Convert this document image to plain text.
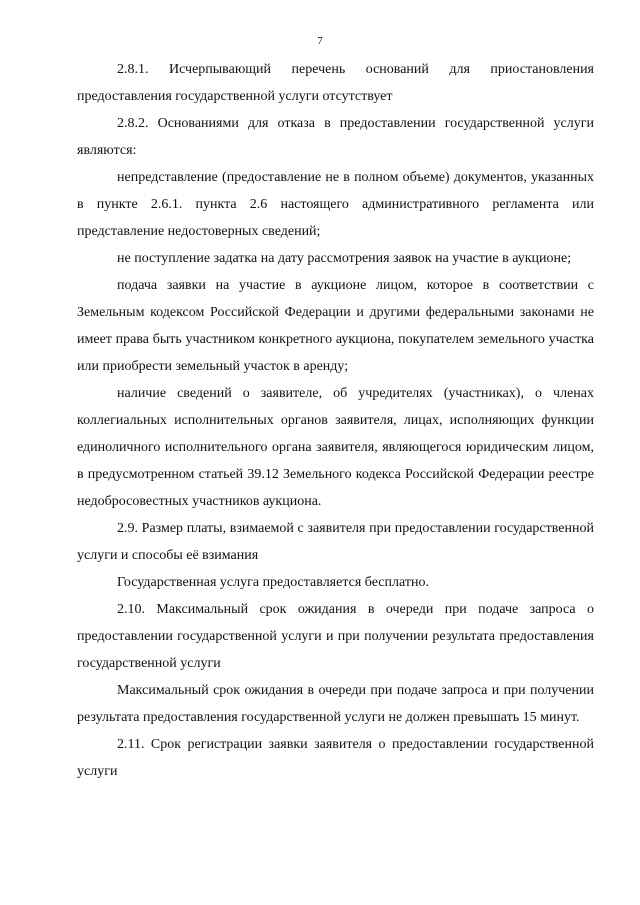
7

2.8.1. Исчерпывающий перечень оснований для приостановления предоставления государственной услуги отсутствует

2.8.2. Основаниями для отказа в предоставлении государственной услуги являются:

непредставление (предоставление не в полном объеме) документов, указанных в пункте 2.6.1. пункта 2.6 настоящего административного регламента или представление недостоверных сведений;

не поступление задатка на дату рассмотрения заявок на участие в аукционе;

подача заявки на участие в аукционе лицом, которое в соответствии с Земельным кодексом Российской Федерации и другими федеральными законами не имеет права быть участником конкретного аукциона, покупателем земельного участка или приобрести земельный участок в аренду;

наличие сведений о заявителе, об учредителях (участниках), о членах коллегиальных исполнительных органов заявителя, лицах, исполняющих функции единоличного исполнительного органа заявителя, являющегося юридическим лицом, в предусмотренном статьей 39.12 Земельного кодекса Российской Федерации реестре недобросовестных участников аукциона.

2.9. Размер платы, взимаемой с заявителя при предоставлении государственной услуги и способы её взимания

Государственная услуга предоставляется бесплатно.

2.10. Максимальный срок ожидания в очереди при подаче запроса о предоставлении государственной услуги и при получении результата предоставления государственной услуги

Максимальный срок ожидания в очереди при подаче запроса и при получении результата предоставления государственной услуги не должен превышать 15 минут.

2.11. Срок регистрации заявки заявителя о предоставлении государственной услуги
